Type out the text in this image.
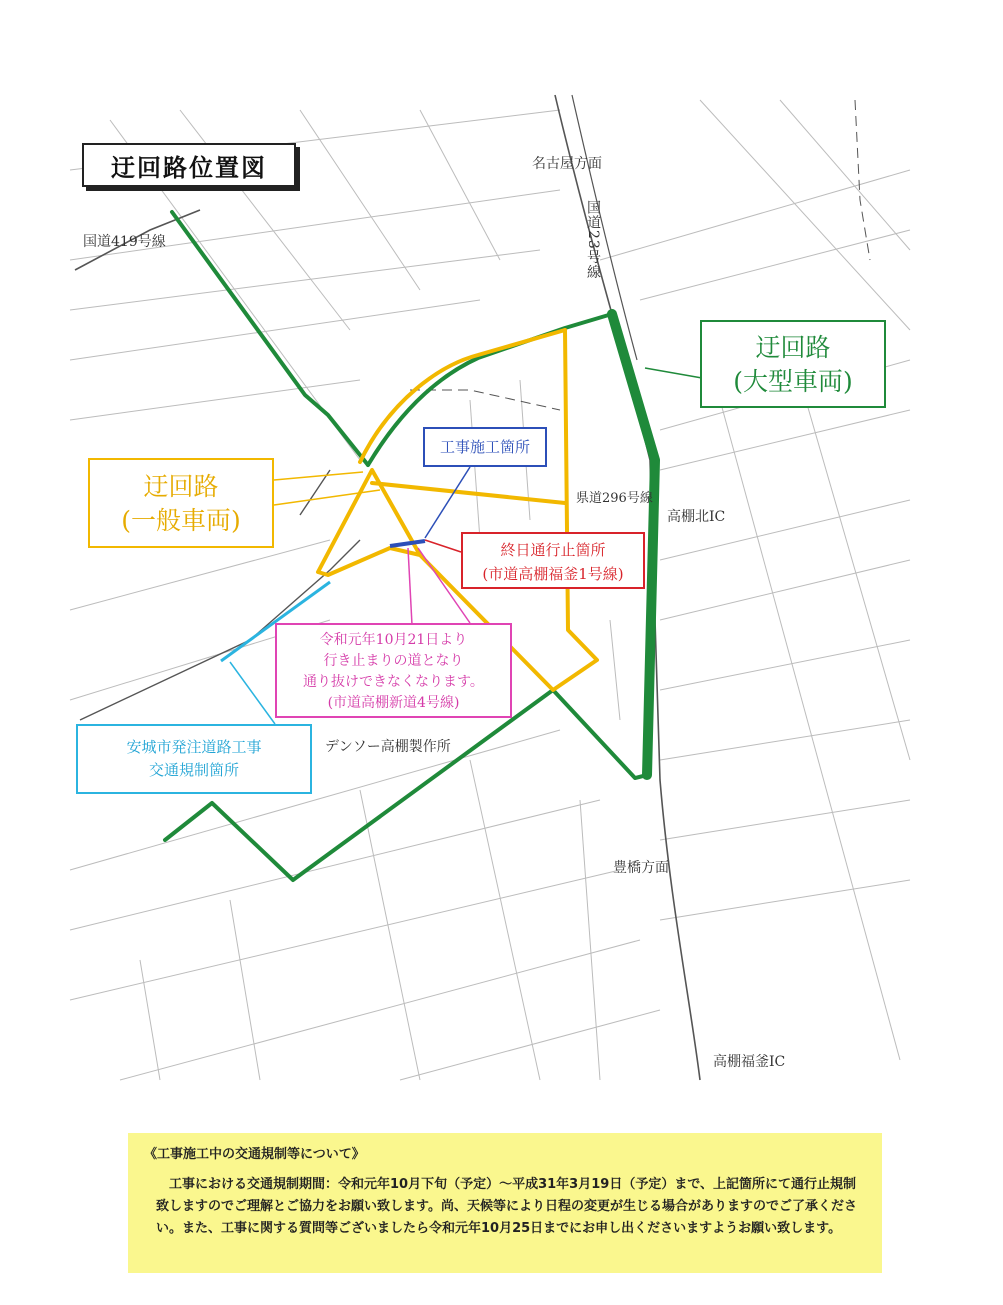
迂回路位置図	名古屋方面
国道23号線
国道419号線
県道296号線
高棚北IC
豊橋方面
高棚福釜IC
デンソー高棚製作所
迂回路
(大型車両)
迂回路
(一般車両)
工事施工箇所
終日通行止箇所
(市道高棚福釜1号線)
令和元年10月21日より
行き止まりの道となり
通り抜けできなくなります。
(市道高棚新道4号線)
安城市発注道路工事
交通規制箇所
《工事施工中の交通規制等について》
工事における交通規制期間：令和元年10月下旬（予定）～平成31年3月19日（予定）まで、上記箇所にて通行止規制致しますのでご理解とご協力をお願い致します。尚、天候等により日程の変更が生じる場合がありますのでご了承ください。また、工事に関する質問等ございましたら令和元年10月25日までにお申し出くださいますようお願い致します。
